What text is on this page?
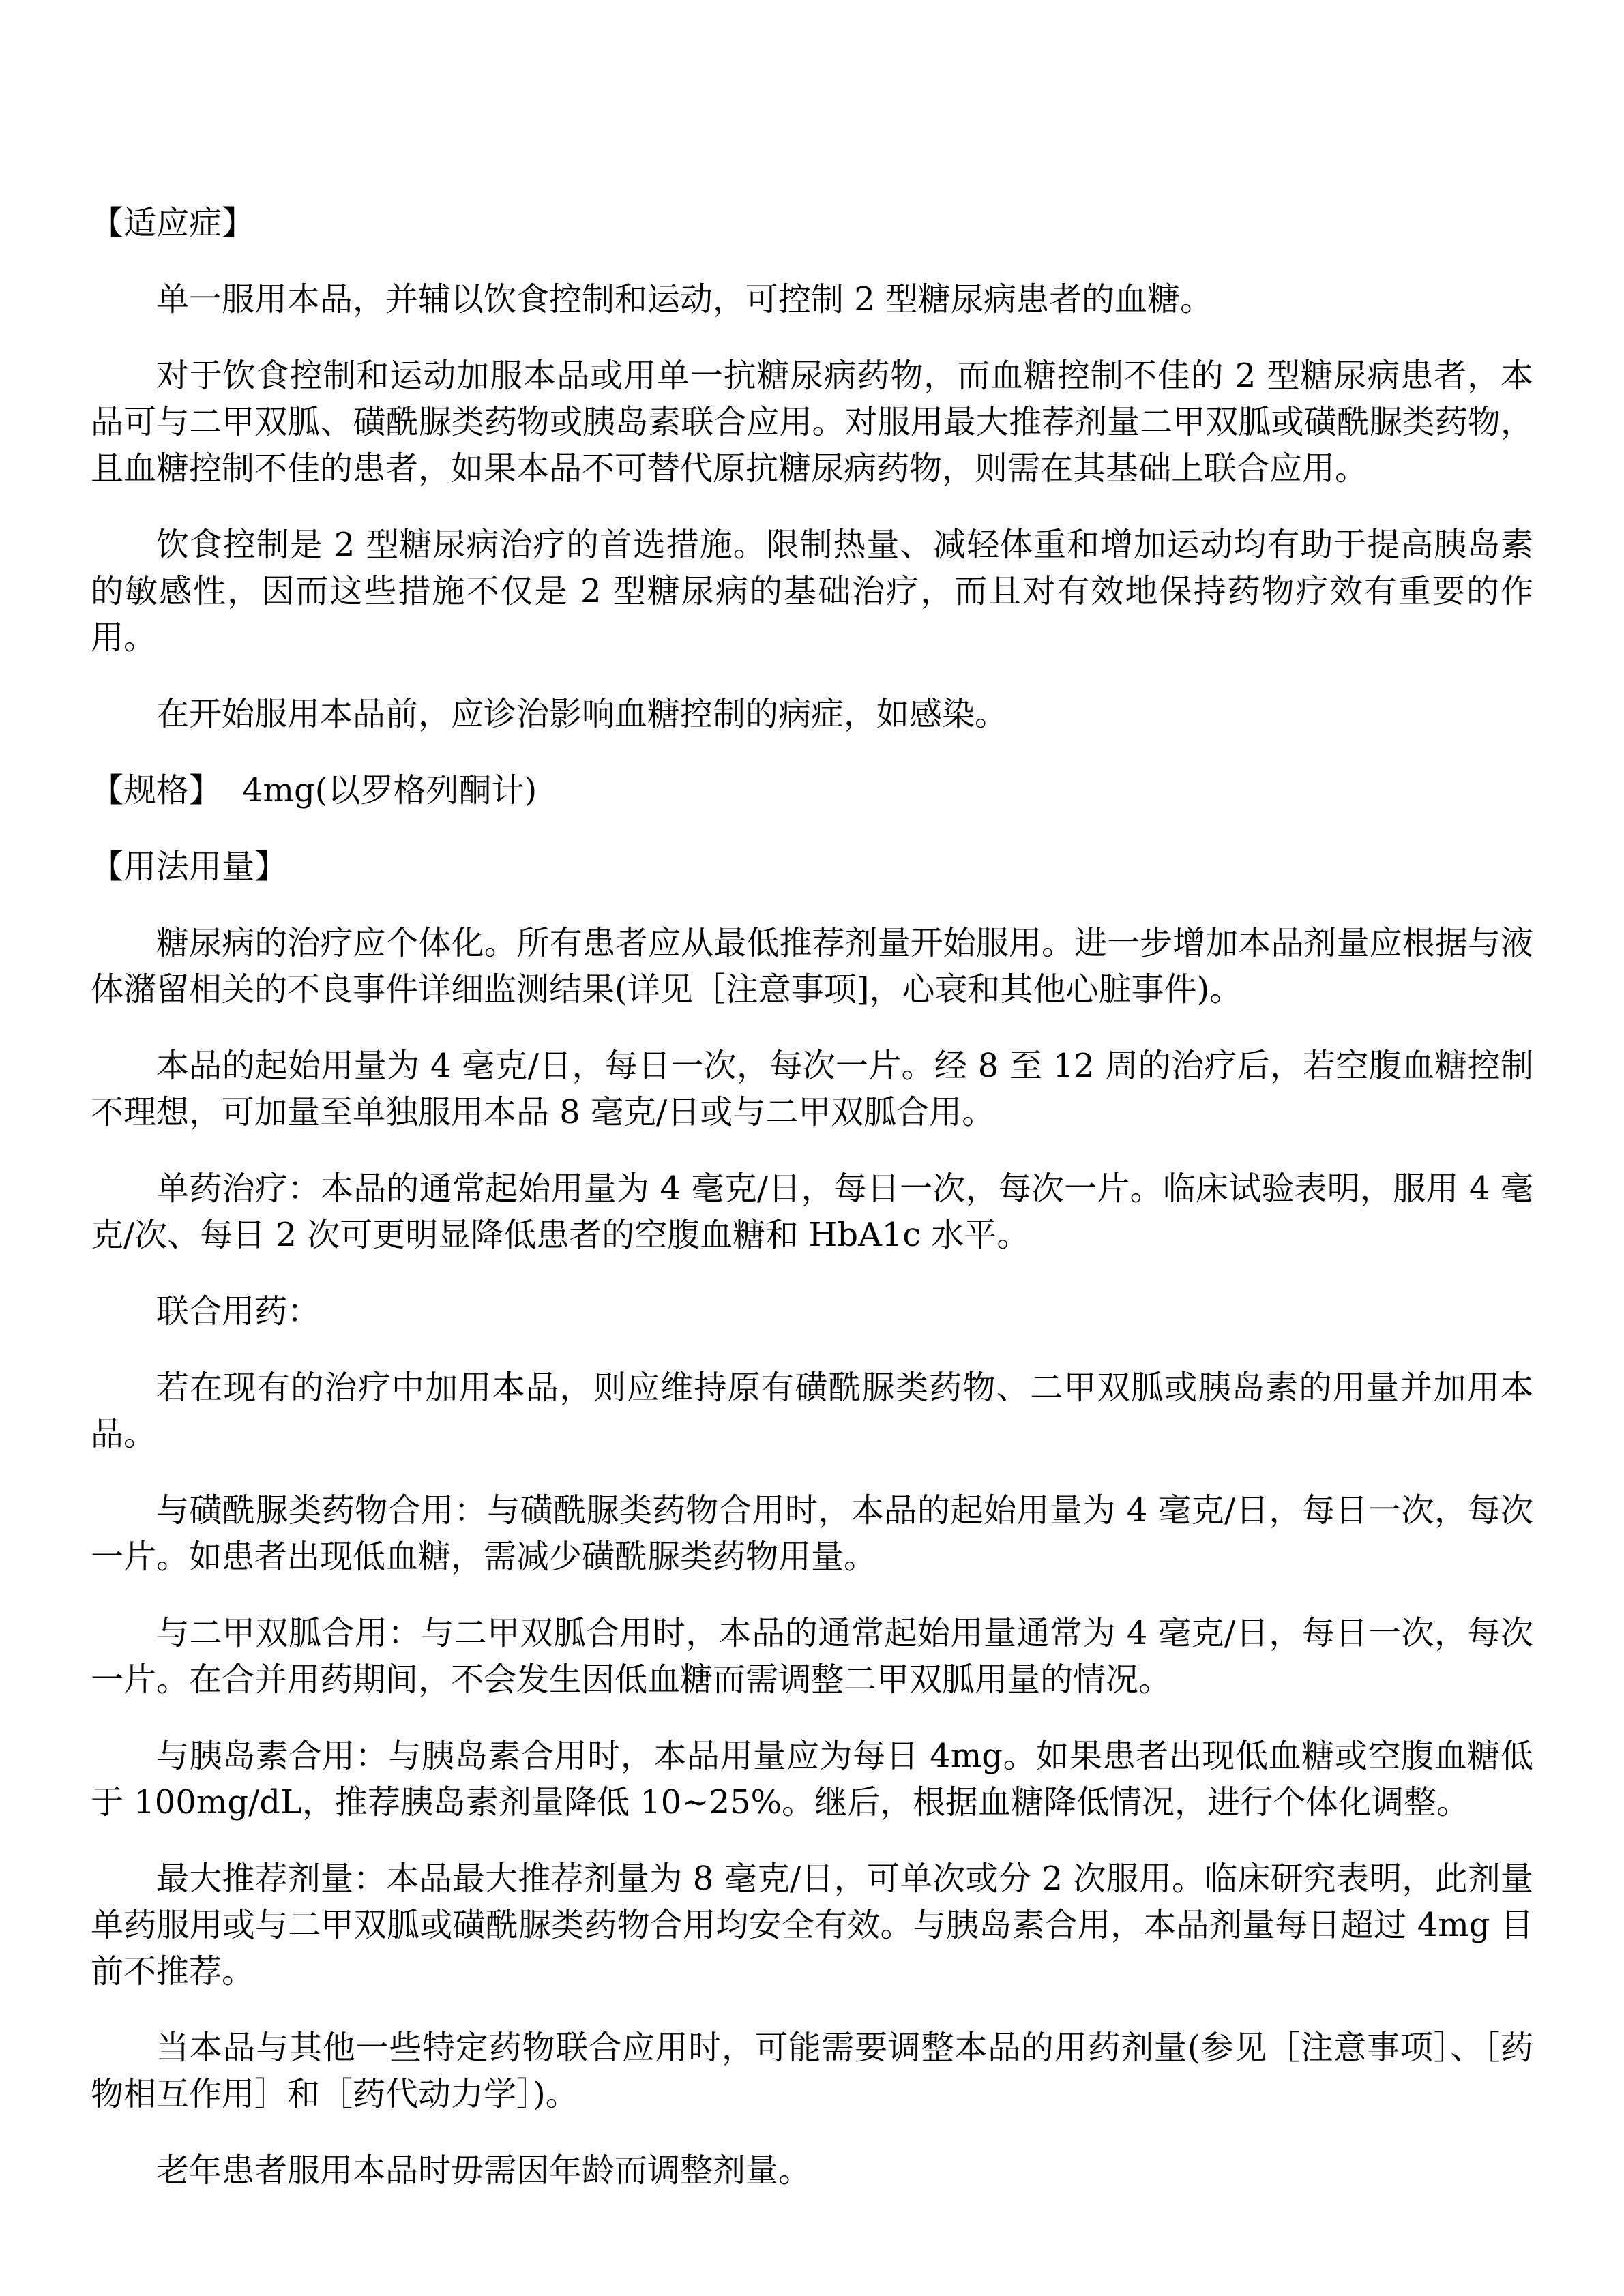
【适应症】

单一服用本品，并辅以饮食控制和运动，可控制 2 型糖尿病患者的血糖。

对于饮食控制和运动加服本品或用单一抗糖尿病药物，而血糖控制不佳的 2 型糖尿病患者，本品可与二甲双胍、磺酰脲类药物或胰岛素联合应用。对服用最大推荐剂量二甲双胍或磺酰脲类药物，且血糖控制不佳的患者，如果本品不可替代原抗糖尿病药物，则需在其基础上联合应用。

饮食控制是 2 型糖尿病治疗的首选措施。限制热量、减轻体重和增加运动均有助于提高胰岛素的敏感性，因而这些措施不仅是 2 型糖尿病的基础治疗，而且对有效地保持药物疗效有重要的作用。

在开始服用本品前，应诊治影响血糖控制的病症，如感染。

【规格】 4mg(以罗格列酮计)

【用法用量】

糖尿病的治疗应个体化。所有患者应从最低推荐剂量开始服用。进一步增加本品剂量应根据与液体潴留相关的不良事件详细监测结果(详见［注意事项]，心衰和其他心脏事件)。

本品的起始用量为 4 毫克/日，每日一次，每次一片。经 8 至 12 周的治疗后，若空腹血糖控制不理想，可加量至单独服用本品 8 毫克/日或与二甲双胍合用。

单药治疗：本品的通常起始用量为 4 毫克/日，每日一次，每次一片。临床试验表明，服用 4 毫克/次、每日 2 次可更明显降低患者的空腹血糖和 HbA1c 水平。

联合用药：

若在现有的治疗中加用本品，则应维持原有磺酰脲类药物、二甲双胍或胰岛素的用量并加用本品。

与磺酰脲类药物合用：与磺酰脲类药物合用时，本品的起始用量为 4 毫克/日，每日一次，每次一片。如患者出现低血糖，需减少磺酰脲类药物用量。

与二甲双胍合用：与二甲双胍合用时，本品的通常起始用量通常为 4 毫克/日，每日一次，每次一片。在合并用药期间，不会发生因低血糖而需调整二甲双胍用量的情况。

与胰岛素合用：与胰岛素合用时，本品用量应为每日 4mg。如果患者出现低血糖或空腹血糖低于 100mg/dL，推荐胰岛素剂量降低 10~25%。继后，根据血糖降低情况，进行个体化调整。

最大推荐剂量：本品最大推荐剂量为 8 毫克/日，可单次或分 2 次服用。临床研究表明，此剂量单药服用或与二甲双胍或磺酰脲类药物合用均安全有效。与胰岛素合用，本品剂量每日超过 4mg 目前不推荐。

当本品与其他一些特定药物联合应用时，可能需要调整本品的用药剂量(参见［注意事项］、［药物相互作用］和［药代动力学］)。

老年患者服用本品时毋需因年龄而调整剂量。
